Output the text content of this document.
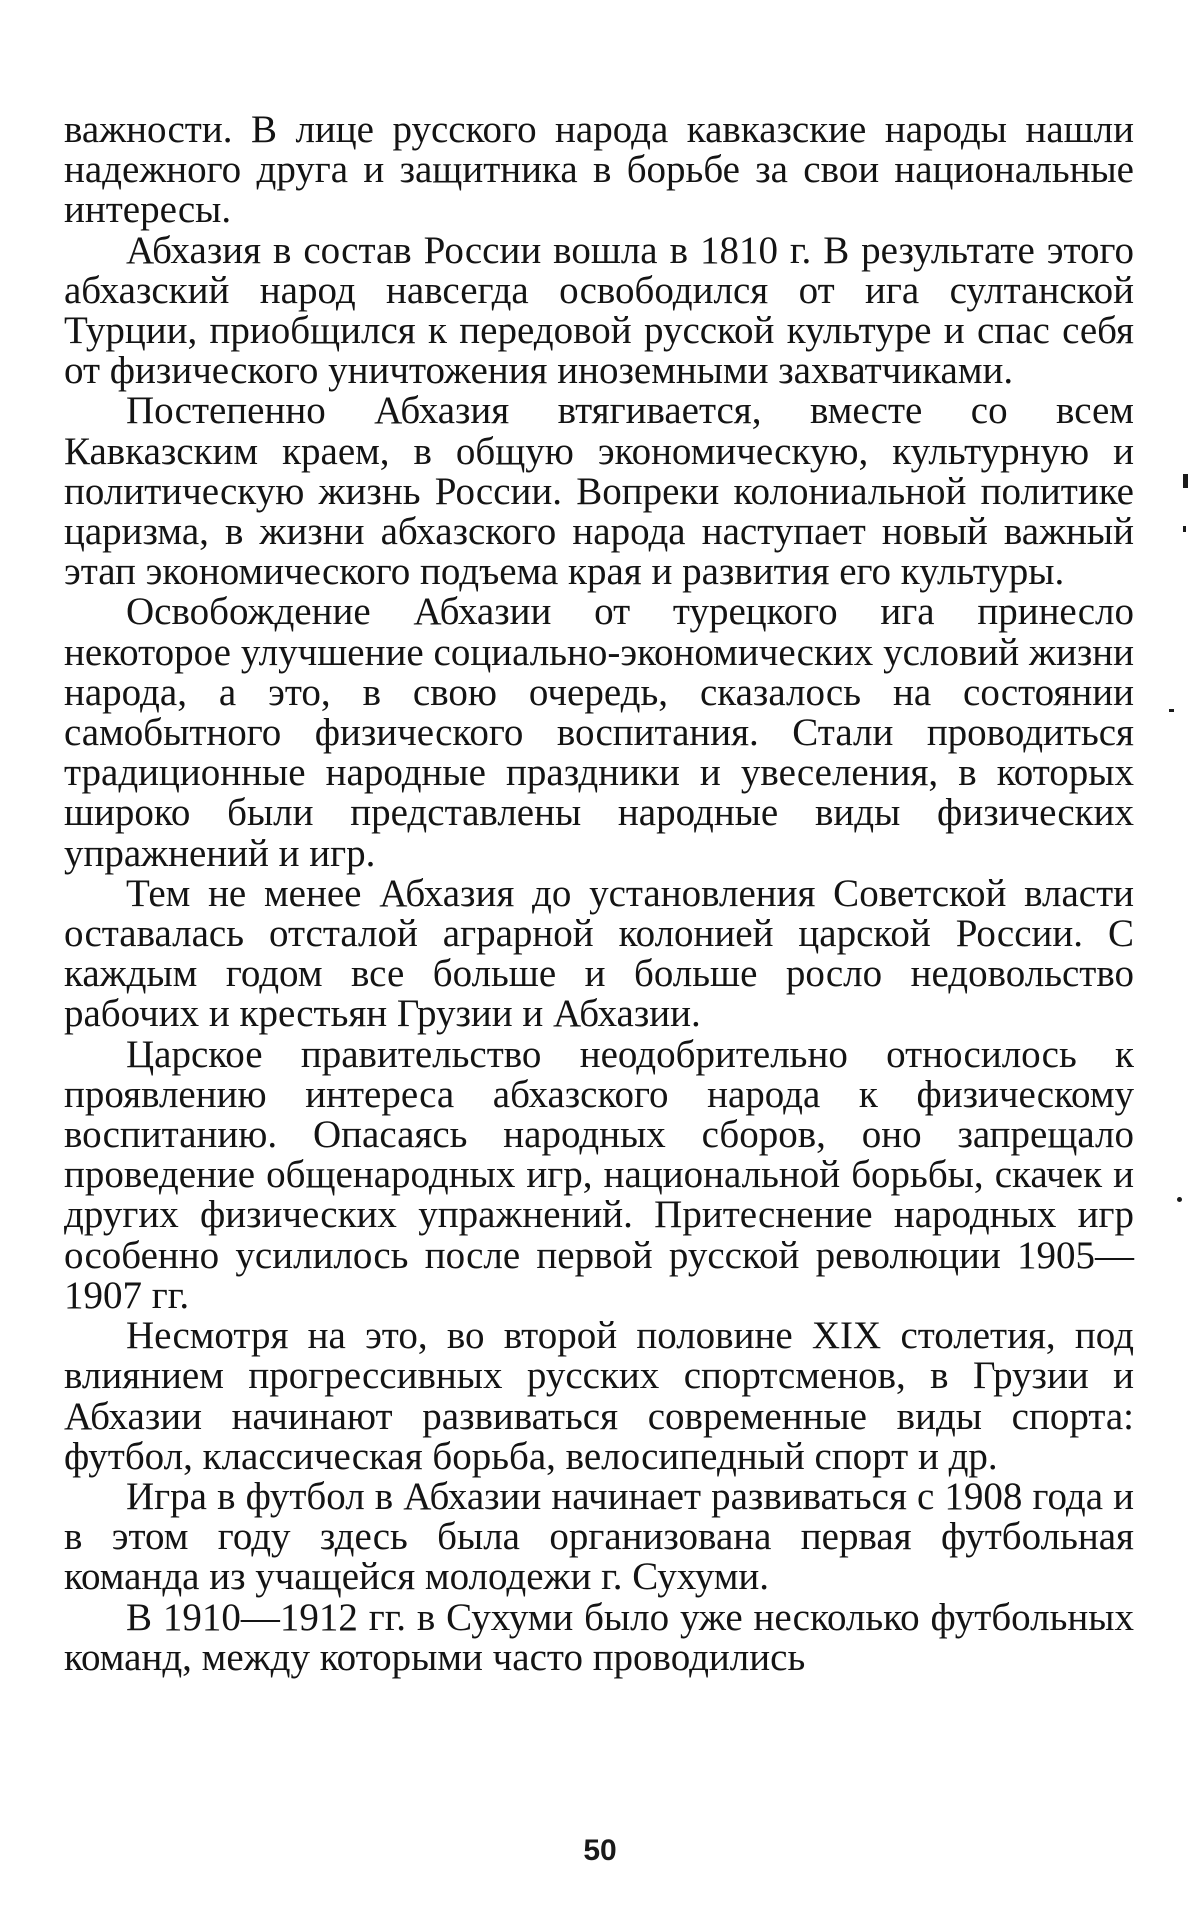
важности. В лице русского народа кавказские народы нашли надежного друга и защитника в борьбе за свои национальные интересы.

Абхазия в состав России вошла в 1810 г. В результате этого абхазский народ навсегда освободился от ига султанской Турции, приобщился к передовой русской культуре и спас себя от физического уничтожения иноземными захватчиками.

Постепенно Абхазия втягивается, вместе со всем Кавказским краем, в общую экономическую, культурную и политическую жизнь России. Вопреки колониальной политике царизма, в жизни абхазского народа наступает новый важный этап экономического подъема края и развития его культуры.

Освобождение Абхазии от турецкого ига принесло некоторое улучшение социально-экономических условий жизни народа, а это, в свою очередь, сказалось на состоянии самобытного физического воспитания. Стали проводиться традиционные народные праздники и увеселения, в которых широко были представлены народные виды физических упражнений и игр.

Тем не менее Абхазия до установления Советской власти оставалась отсталой аграрной колонией царской России. С каждым годом все больше и больше росло недовольство рабочих и крестьян Грузии и Абхазии.

Царское правительство неодобрительно относилось к проявлению интереса абхазского народа к физическому воспитанию. Опасаясь народных сборов, оно запрещало проведение общенародных игр, национальной борьбы, скачек и других физических упражнений. Притеснение народных игр особенно усилилось после первой русской революции 1905—1907 гг.

Несмотря на это, во второй половине XIX столетия, под влиянием прогрессивных русских спортсменов, в Грузии и Абхазии начинают развиваться современные виды спорта: футбол, классическая борьба, велосипедный спорт и др.

Игра в футбол в Абхазии начинает развиваться с 1908 года и в этом году здесь была организована первая футбольная команда из учащейся молодежи г. Сухуми.

В 1910—1912 гг. в Сухуми было уже несколько футбольных команд, между которыми часто проводились

50
